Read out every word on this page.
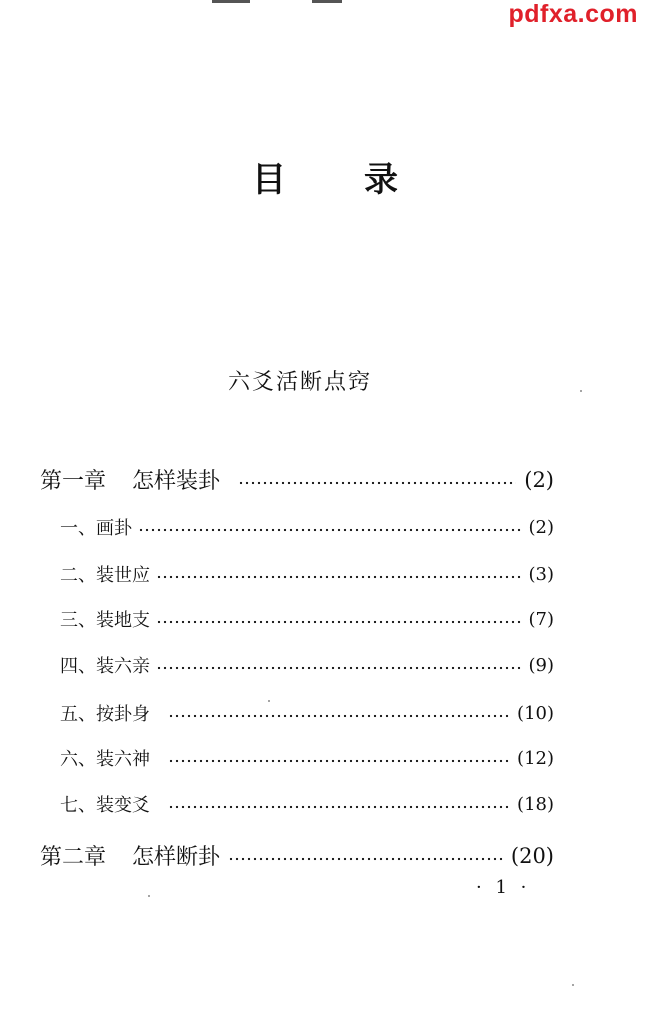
pdfxa.com
目 录
六爻活断点窍
第一章 怎样装卦	(2)
一、画卦	(2)
二、装世应	(3)
三、装地支	(7)
四、装六亲	(9)
五、按卦身	(10)
六、装六神	(12)
七、装变爻	(18)
第二章 怎样断卦	(20)
· 1 ·
